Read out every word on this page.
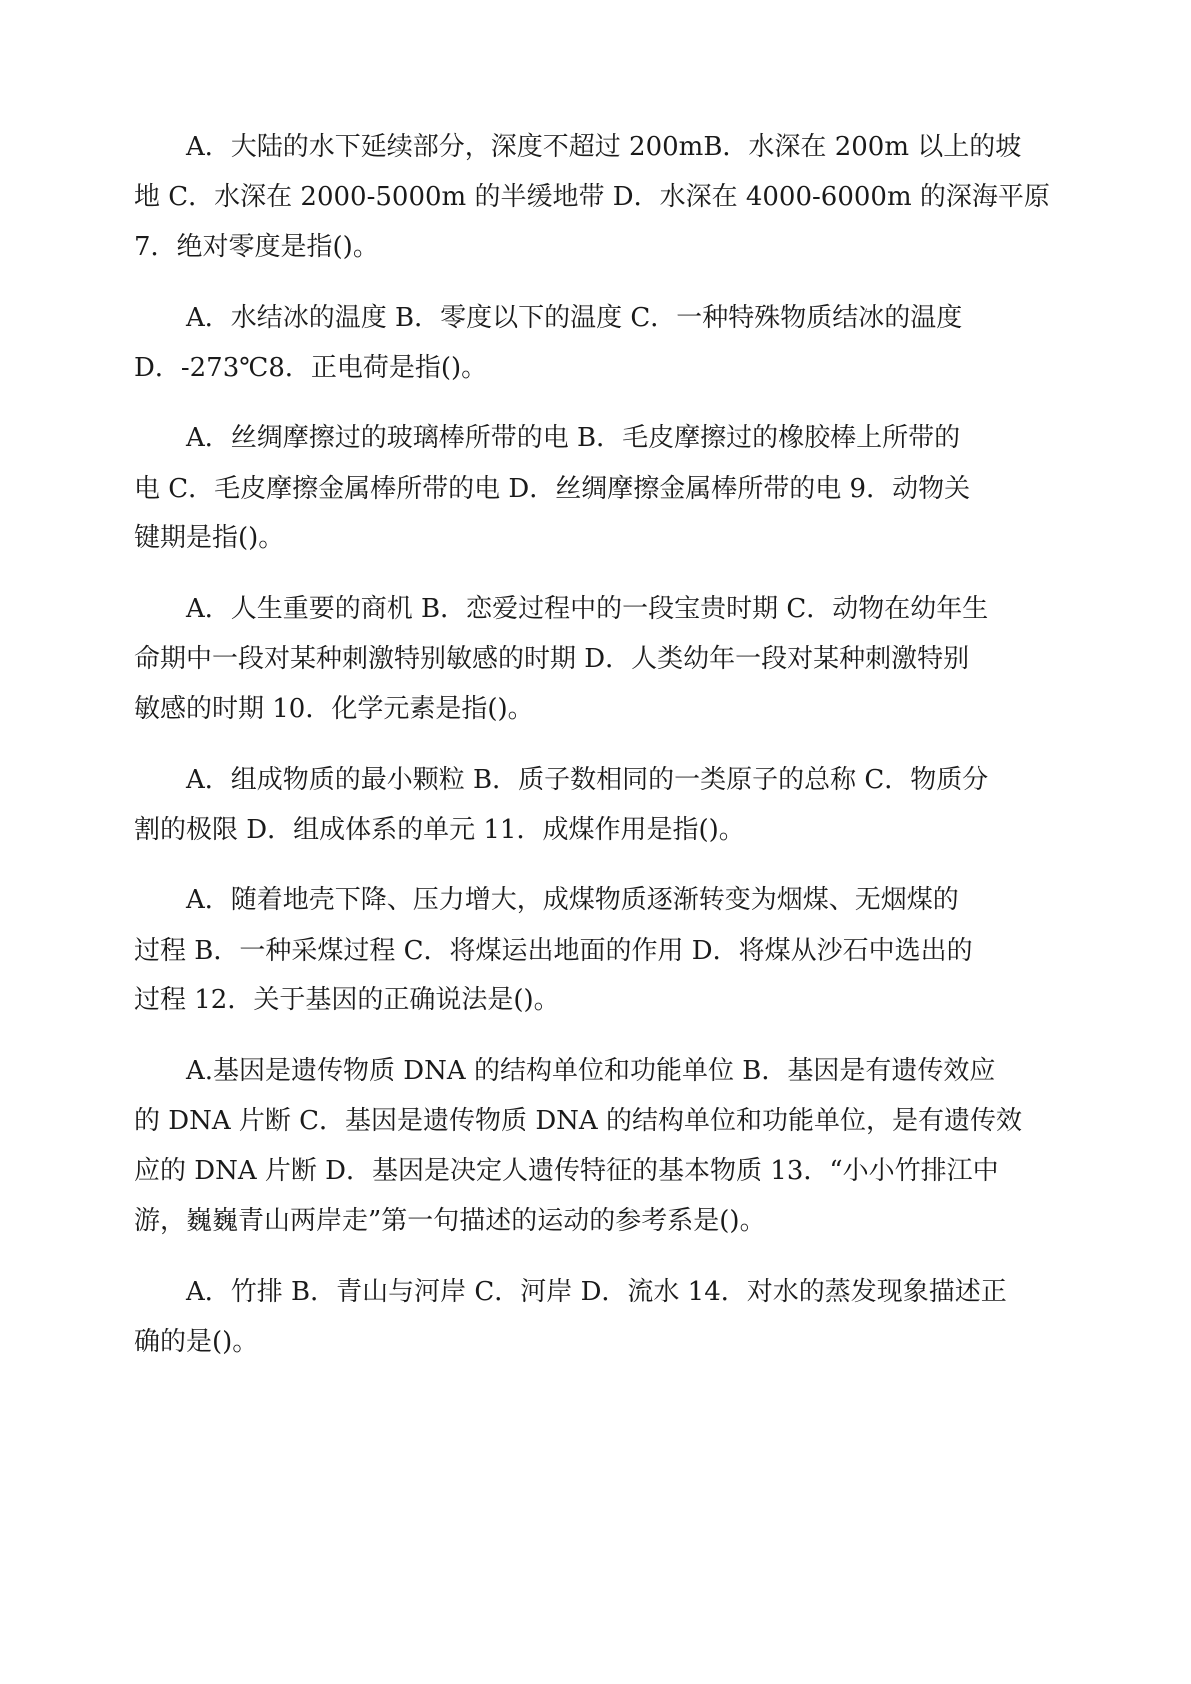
A．大陆的水下延续部分，深度不超过 200mB．水深在 200m 以上的坡

地 C．水深在 2000-5000m 的半缓地带 D．水深在 4000-6000m 的深海平原

7．绝对零度是指()。

A．水结冰的温度 B．零度以下的温度 C．一种特殊物质结冰的温度

D．-273℃8．正电荷是指()。

A．丝绸摩擦过的玻璃棒所带的电 B．毛皮摩擦过的橡胶棒上所带的

电 C．毛皮摩擦金属棒所带的电 D．丝绸摩擦金属棒所带的电 9．动物关

键期是指()。

A．人生重要的商机 B．恋爱过程中的一段宝贵时期 C．动物在幼年生

命期中一段对某种刺激特别敏感的时期 D．人类幼年一段对某种刺激特别

敏感的时期 10．化学元素是指()。

A．组成物质的最小颗粒 B．质子数相同的一类原子的总称 C．物质分

割的极限 D．组成体系的单元 11．成煤作用是指()。

A．随着地壳下降、压力增大，成煤物质逐渐转变为烟煤、无烟煤的

过程 B．一种采煤过程 C．将煤运出地面的作用 D．将煤从沙石中选出的

过程 12．关于基因的正确说法是()。

A.基因是遗传物质 DNA 的结构单位和功能单位 B．基因是有遗传效应

的 DNA 片断 C．基因是遗传物质 DNA 的结构单位和功能单位，是有遗传效

应的 DNA 片断 D．基因是决定人遗传特征的基本物质 13．“小小竹排江中

游，巍巍青山两岸走”第一句描述的运动的参考系是()。

A．竹排 B．青山与河岸 C．河岸 D．流水 14．对水的蒸发现象描述正

确的是()。
